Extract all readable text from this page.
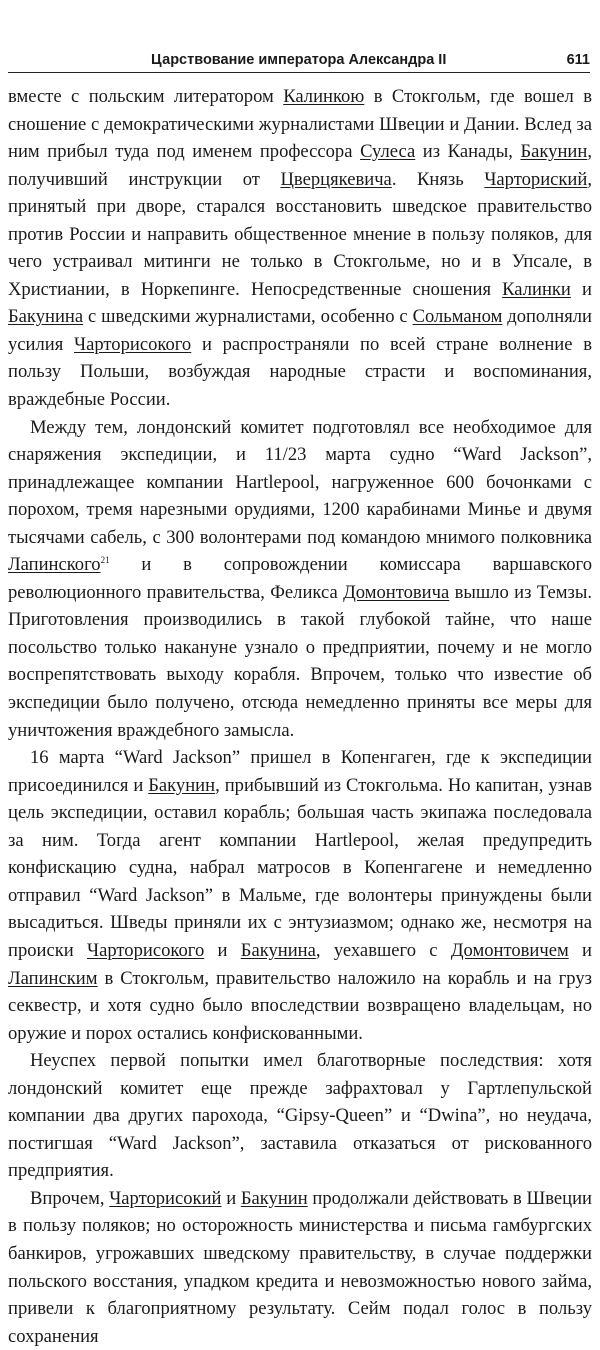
Царствование императора Александра II	611

вместе с польским литератором Калинкою в Стокгольм, где вошел в сношение с демократическими журналистами Швеции и Дании. Вслед за ним прибыл туда под именем профессора Сулеса из Канады, Бакунин, получивший инструкции от Цверцякевича. Князь Чарториский, принятый при дворе, старался восстановить шведское правительство против России и направить общественное мнение в пользу поляков, для чего устраивал митинги не только в Стокгольме, но и в Упсале, в Христиании, в Норкепинге. Непосредственные сношения Калинки и Бакунина с шведскими журналистами, особенно с Сольманом дополняли усилия Чарторисокого и распространяли по всей стране волнение в пользу Польши, возбуждая народные страсти и воспоминания, враждебные России.

Между тем, лондонский комитет подготовлял все необходимое для снаряжения экспедиции, и 11/23 марта судно “Ward Jackson”, принадлежащее компании Hartlepool, нагруженное 600 бочонками с порохом, тремя нарезными орудиями, 1200 карабинами Минье и двумя тысячами сабель, с 300 волонтерами под командою мнимого полковника Лапинского$^{21}$ и в сопровождении комиссара варшавского революционного правительства, Феликса Домонтовича вышло из Темзы. Приготовления производились в такой глубокой тайне, что наше посольство только накануне узнало о предприятии, почему и не могло воспрепятствовать выходу корабля. Впрочем, только что известие об экспедиции было получено, отсюда немедленно приняты все меры для уничтожения враждебного замысла.

16 марта “Ward Jackson” пришел в Копенгаген, где к экспедиции присоединился и Бакунин, прибывший из Стокгольма. Но капитан, узнав цель экспедиции, оставил корабль; большая часть экипажа последовала за ним. Тогда агент компании Hartlepool, желая предупредить конфискацию судна, набрал матросов в Копенгагене и немедленно отправил “Ward Jackson” в Мальме, где волонтеры принуждены были высадиться. Шведы приняли их с энтузиазмом; однако же, несмотря на происки Чарторисокого и Бакунина, уехавшего с Домонтовичем и Лапинским в Стокгольм, правительство наложило на корабль и на груз секвестр, и хотя судно было впоследствии возвращено владельцам, но оружие и порох остались конфискованными.

Неуспех первой попытки имел благотворные последствия: хотя лондонский комитет еще прежде зафрахтовал у Гартлепульской компании два других парохода, “Gipsy-Queen” и “Dwina”, но неудача, постигшая “Ward Jackson”, заставила отказаться от рискованного предприятия.

Впрочем, Чарторисокий и Бакунин продолжали действовать в Швеции в пользу поляков; но осторожность министерства и письма гамбургских банкиров, угрожавших шведскому правительству, в случае поддержки польского восстания, упадком кредита и невозможностью нового займа, привели к благоприятному результату. Сейм подал голос в пользу сохранения
